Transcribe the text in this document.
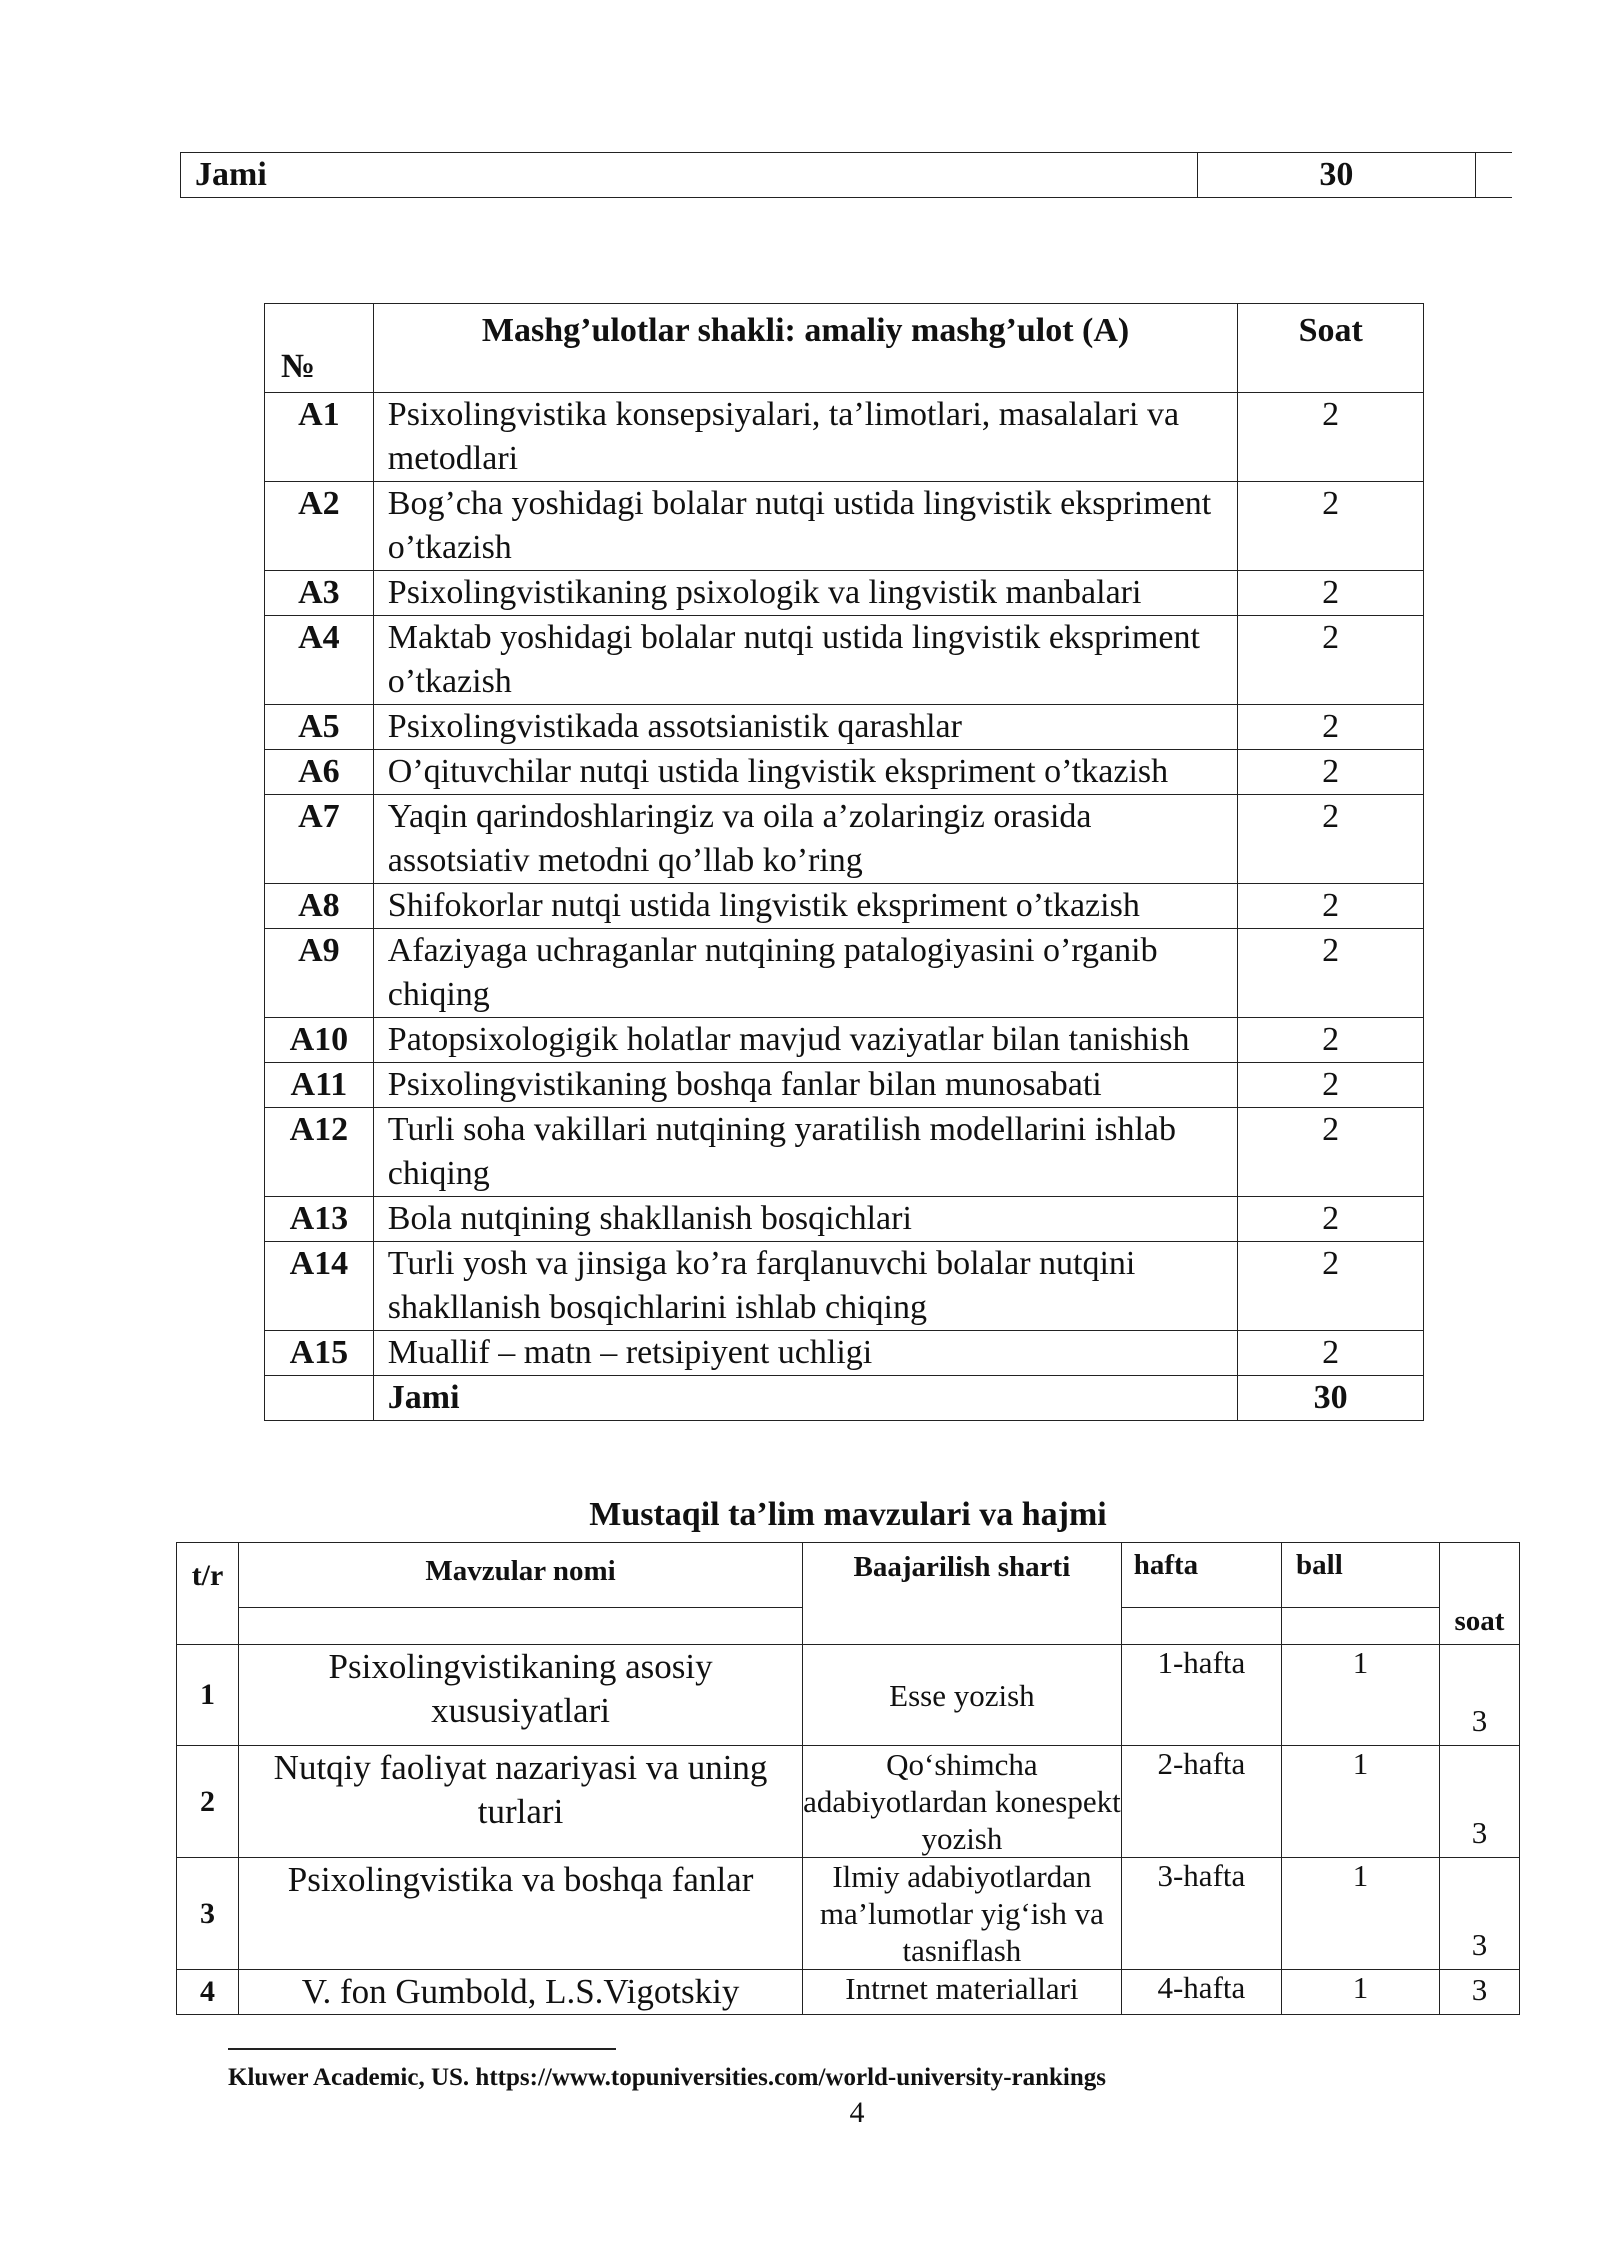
Jami	30	
№	Mashg’ulotlar shakli: amaliy mashg’ulot (A)	Soat
A1	Psixolingvistika konsepsiyalari, ta’limotlari, masalalari va metodlari	2
A2	Bog’cha yoshidagi bolalar nutqi ustida lingvistik ekspriment o’tkazish	2
A3	Psixolingvistikaning psixologik va lingvistik manbalari	2
A4	Maktab yoshidagi bolalar nutqi ustida lingvistik ekspriment o’tkazish	2
A5	Psixolingvistikada assotsianistik qarashlar	2
A6	O’qituvchilar nutqi ustida lingvistik ekspriment o’tkazish	2
A7	Yaqin qarindoshlaringiz va oila a’zolaringiz orasida assotsiativ metodni qo’llab ko’ring	2
A8	Shifokorlar nutqi ustida lingvistik ekspriment o’tkazish	2
A9	Afaziyaga uchraganlar nutqining patalogiyasini o’rganib chiqing	2
A10	Patopsixologigik holatlar mavjud vaziyatlar bilan tanishish	2
A11	Psixolingvistikaning boshqa fanlar bilan munosabati	2
A12	Turli soha vakillari nutqining yaratilish modellarini ishlab chiqing	2
A13	Bola nutqining shakllanish bosqichlari	2
A14	Turli yosh va jinsiga ko’ra farqlanuvchi bolalar nutqini shakllanish bosqichlarini ishlab chiqing	2
A15	Muallif – matn – retsipiyent uchligi	2
	Jami	30
Mustaqil ta’lim mavzulari va hajmi
t/r	Mavzular nomi	Baajarilish sharti	hafta	ball	soat

1	Psixolingvistikaning asosiy xususiyatlari	Esse yozish	1-hafta	1	3
2	Nutqiy faoliyat nazariyasi va uning turlari	Qo‘shimcha adabiyotlardan konespekt yozish	2-hafta	1	3
3	Psixolingvistika va boshqa fanlar	Ilmiy adabiyotlardan ma’lumotlar yig‘ish va tasniflash	3-hafta	1	3
4	V. fon Gumbold, L.S.Vigotskiy	Intrnet materiallari	4-hafta	1	3
Kluwer Academic, US. https://www.topuniversities.com/world-university-rankings
4
